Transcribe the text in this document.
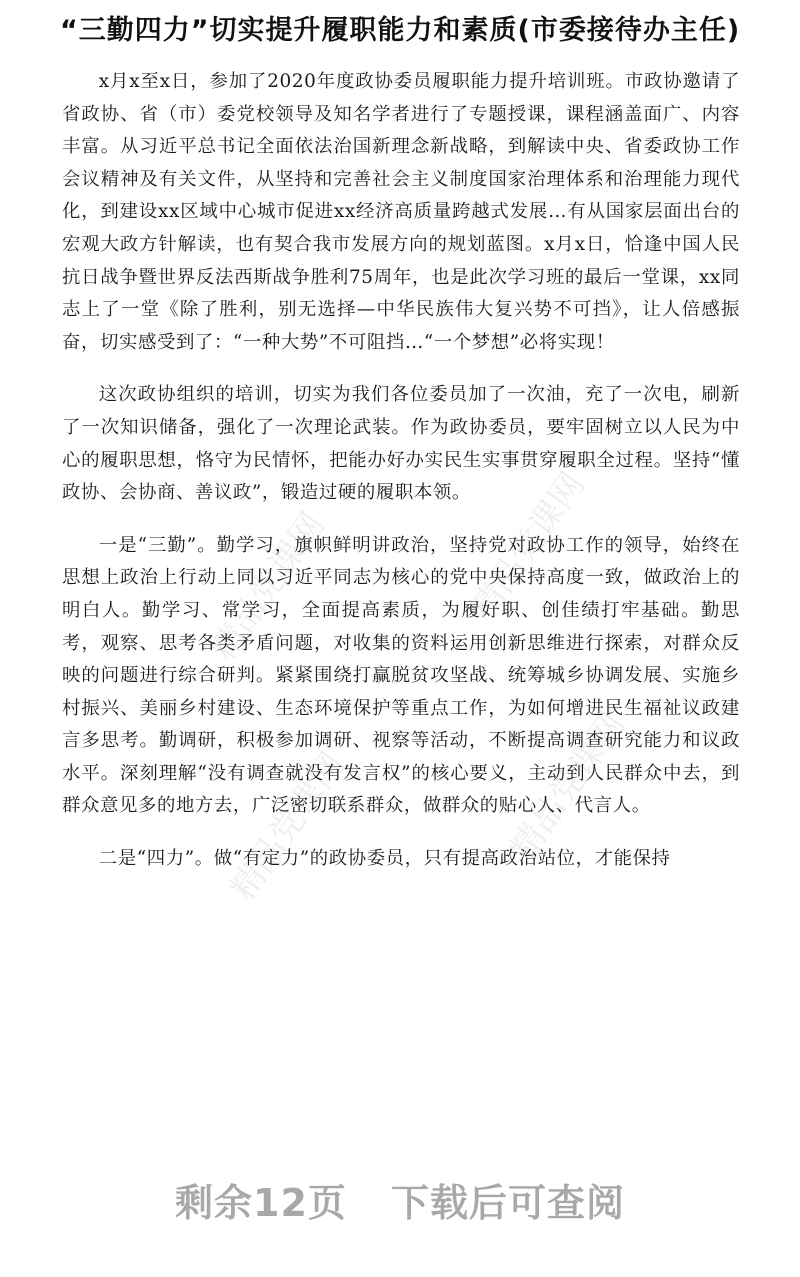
精品党课网	精品党课网
精品党课网	精品党课网
“三勤四力”切实提升履职能力和素质(市委接待办主任)

x月x至x日，参加了2020年度政协委员履职能力提升培训班。市政协邀请了省政协、省（市）委党校领导及知名学者进行了专题授课，课程涵盖面广、内容丰富。从习近平总书记全面依法治国新理念新战略，到解读中央、省委政协工作会议精神及有关文件，从坚持和完善社会主义制度国家治理体系和治理能力现代化，到建设xx区域中心城市促进xx经济高质量跨越式发展…有从国家层面出台的宏观大政方针解读，也有契合我市发展方向的规划蓝图。x月x日，恰逢中国人民抗日战争暨世界反法西斯战争胜利75周年，也是此次学习班的最后一堂课，xx同志上了一堂《除了胜利，别无选择—中华民族伟大复兴势不可挡》，让人倍感振奋，切实感受到了：“一种大势”不可阻挡…“一个梦想”必将实现！

这次政协组织的培训，切实为我们各位委员加了一次油，充了一次电，刷新了一次知识储备，强化了一次理论武装。作为政协委员，要牢固树立以人民为中心的履职思想，恪守为民情怀，把能办好办实民生实事贯穿履职全过程。坚持“懂政协、会协商、善议政”，锻造过硬的履职本领。

一是“三勤”。勤学习，旗帜鲜明讲政治，坚持党对政协工作的领导，始终在思想上政治上行动上同以习近平同志为核心的党中央保持高度一致，做政治上的明白人。勤学习、常学习，全面提高素质，为履好职、创佳绩打牢基础。勤思考，观察、思考各类矛盾问题，对收集的资料运用创新思维进行探索，对群众反映的问题进行综合研判。紧紧围绕打赢脱贫攻坚战、统筹城乡协调发展、实施乡村振兴、美丽乡村建设、生态环境保护等重点工作，为如何增进民生福祉议政建言多思考。勤调研，积极参加调研、视察等活动，不断提高调查研究能力和议政水平。深刻理解“没有调查就没有发言权”的核心要义，主动到人民群众中去，到群众意见多的地方去，广泛密切联系群众，做群众的贴心人、代言人。

二是“四力”。做“有定力”的政协委员，只有提高政治站位，才能保持

剩余12页 下载后可查阅
